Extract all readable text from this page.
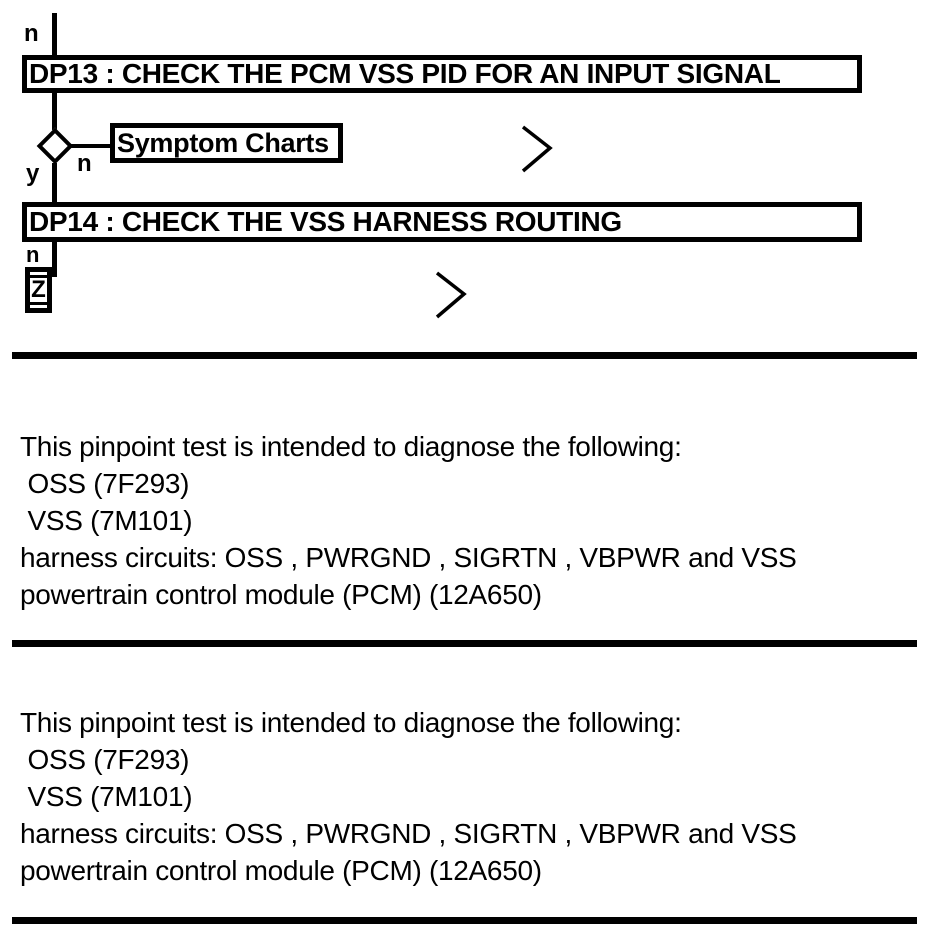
n
DP13 : CHECK THE PCM VSS PID FOR AN INPUT SIGNAL
y n
Symptom Charts
DP14 : CHECK THE VSS HARNESS ROUTING
n
Z
This pinpoint test is intended to diagnose the following:
OSS (7F293)
VSS (7M101)
harness circuits: OSS , PWRGND , SIGRTN , VBPWR and VSS
powertrain control module (PCM) (12A650)
This pinpoint test is intended to diagnose the following:
OSS (7F293)
VSS (7M101)
harness circuits: OSS , PWRGND , SIGRTN , VBPWR and VSS
powertrain control module (PCM) (12A650)
